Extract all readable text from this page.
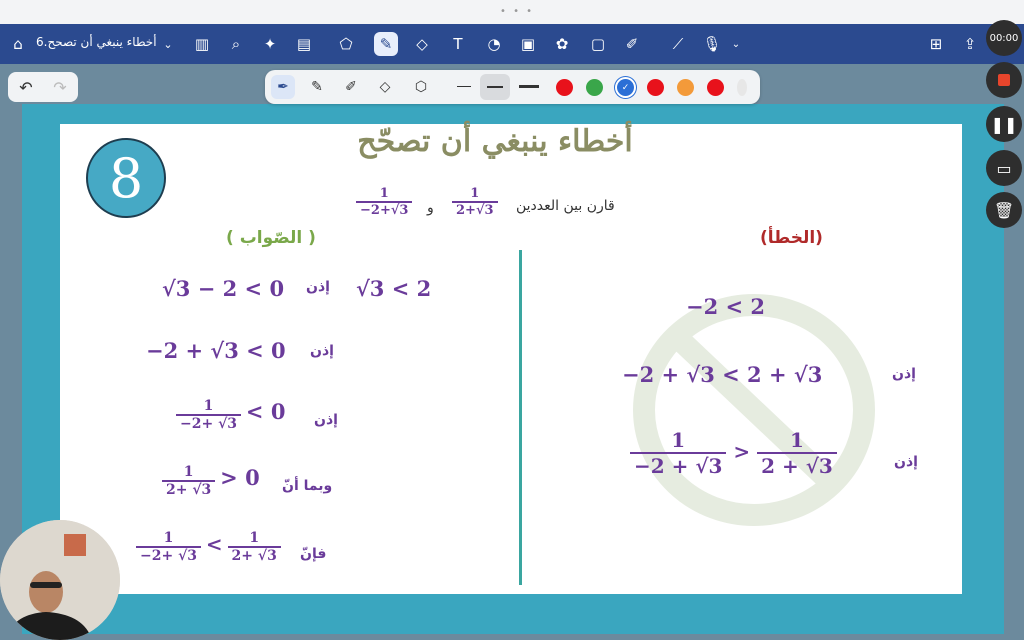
• • •
⌂	6.أخطاء ينبغي أن تصحح ⌄	▥	⌕	✦	▤	⬠	✎	◇	T	◔	▣	✿	▢	✐	⟋	🎙	⌄	⊞	⇪	00:00
↶	↷	✒	✎	✐	◇	⬡	✓
❚❚
▭
🗑
8
أخطاء ينبغي أن تصحّح
قارن بين العددين
$\frac{1}{2+√3}$
و
$\frac{1}{-2+√3}$
( الصّواب )	(الخطأ)
√3 < 2
إذن
√3 − 2 < 0
إذن
−2 + √3 < 0
إذن
$\frac{1}{-2+ √3} < 0$
وبما أنّ
$\frac{1}{2+ √3} > 0$
فإنّ
$\frac{1}{-2+ √3} < \frac{1}{2+ √3}$
−2 < 2
إذن
−2 + √3 < 2 + √3
إذن
$\frac{1}{-2 + √3} > \frac{1}{2 + √3}$
